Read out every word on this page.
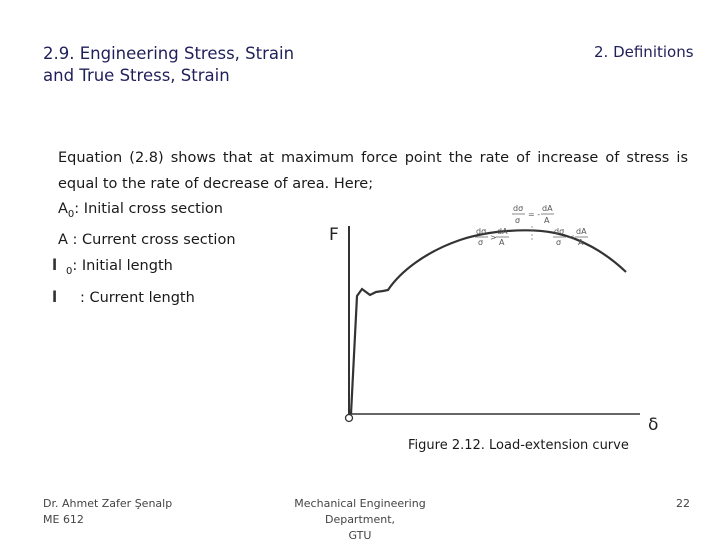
2.9. Engineering Stress, Strain
and True Stress, Strain
2. Definitions
Equation (2.8) shows that at maximum force point the rate of increase of stress is equal to the rate of decrease of area. Here;
$A_0$: Initial cross section
A : Current cross section
l $_0$: Initial length
l : Current length
F
δ
dσ
σ
= -
dA
A
dσ
σ
>
dA
A
dσ
σ
<
dA
A
Figure 2.12. Load-extension curve
Dr. Ahmet Zafer Şenalp
ME 612
Mechanical Engineering Department,
GTU
22
